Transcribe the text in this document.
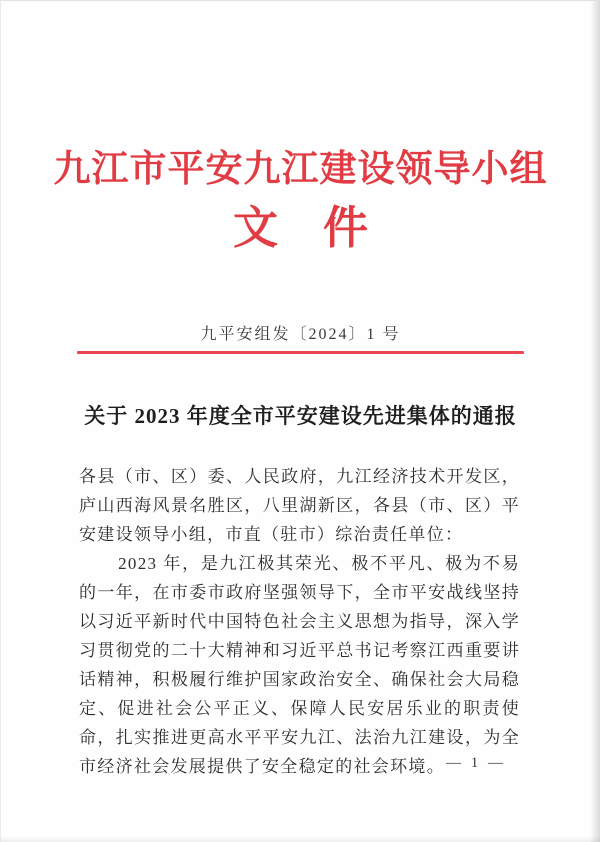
九江市平安九江建设领导小组
文　件
九平安组发〔2024〕1 号
关于 2023 年度全市平安建设先进集体的通报

各县（市、区）委、人民政府，九江经济技术开发区，庐山西海风景名胜区，八里湖新区，各县（市、区）平安建设领导小组，市直（驻市）综治责任单位：

2023 年，是九江极其荣光、极不平凡、极为不易的一年，在市委市政府坚强领导下，全市平安战线坚持以习近平新时代中国特色社会主义思想为指导，深入学习贯彻党的二十大精神和习近平总书记考察江西重要讲话精神，积极履行维护国家政治安全、确保社会大局稳定、促进社会公平正义、保障人民安居乐业的职责使命，扎实推进更高水平平安九江、法治九江建设，为全市经济社会发展提供了安全稳定的社会环境。 — 1 —
